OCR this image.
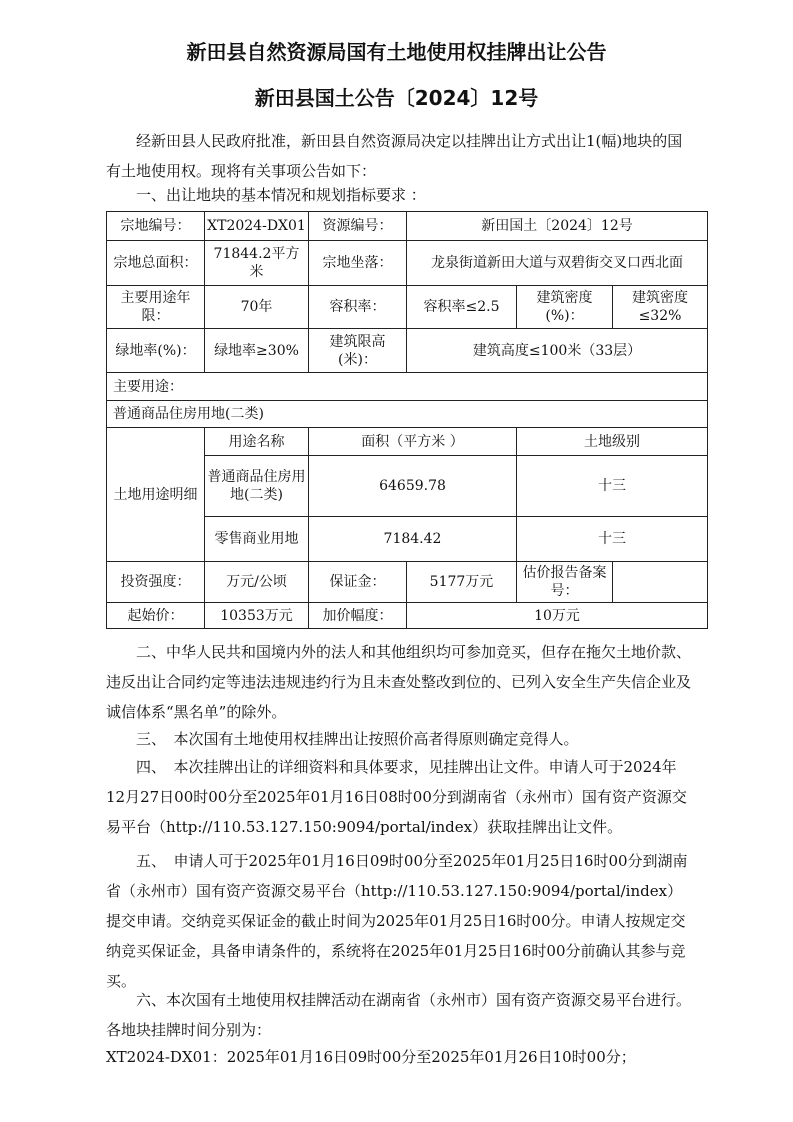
新田县自然资源局国有土地使用权挂牌出让公告
新田县国土公告〔2024〕12号

经新田县人民政府批准，新田县自然资源局决定以挂牌出让方式出让1(幅)地块的国有土地使用权。现将有关事项公告如下：

一、出让地块的基本情况和规划指标要求 ：

宗地编号：	XT2024-DX01	资源编号：	新田国土〔2024〕12号		
宗地总面积：	71844.2平方米	宗地坐落：	龙泉街道新田大道与双碧街交叉口西北面		
主要用途年限：	70年	容积率：	容积率≤2.5	建筑密度(%)：	建筑密度≤32%
绿地率(%)：	绿地率≥30%	建筑限高(米)：	建筑高度≤100米（33层）		
主要用途：					
普通商品住房用地(二类)					
土地用途明细	用途名称	面积（平方米 ）		土地级别	
	普通商品住房用地(二类)	64659.78		十三	
	零售商业用地	7184.42		十三	
投资强度：	万元/公顷	保证金：	5177万元	估价报告备案号：	
起始价：	10353万元	加价幅度：	10万元		

二、中华人民共和国境内外的法人和其他组织均可参加竞买，但存在拖欠土地价款、违反出让合同约定等违法违规违约行为且未查处整改到位的、已列入安全生产失信企业及诚信体系“黑名单”的除外。

三、　本次国有土地使用权挂牌出让按照价高者得原则确定竞得人。

四、　本次挂牌出让的详细资料和具体要求，见挂牌出让文件。申请人可于2024年12月27日00时00分至2025年01月16日08时00分到湖南省（永州市）国有资产资源交易平台（http://110.53.127.150:9094/portal/index）获取挂牌出让文件。

五、　申请人可于2025年01月16日09时00分至2025年01月25日16时00分到湖南省（永州市）国有资产资源交易平台（http://110.53.127.150:9094/portal/index）提交申请。交纳竞买保证金的截止时间为2025年01月25日16时00分。申请人按规定交纳竞买保证金，具备申请条件的，系统将在2025年01月25日16时00分前确认其参与竞买。

六、本次国有土地使用权挂牌活动在湖南省（永州市）国有资产资源交易平台进行。各地块挂牌时间分别为：

XT2024-DX01：2025年01月16日09时00分至2025年01月26日10时00分；
